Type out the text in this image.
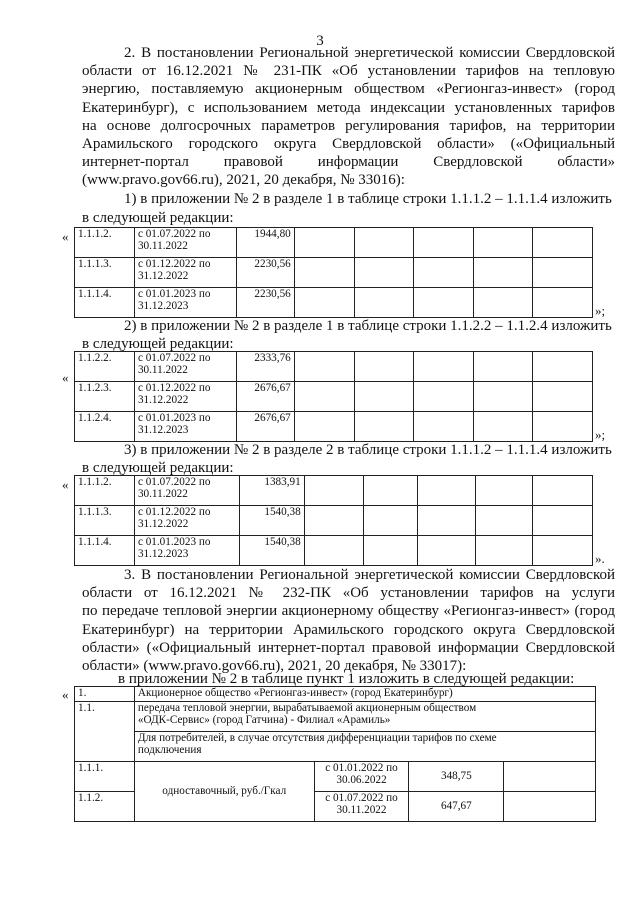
3
2. В постановлении Региональной энергетической комиссии Свердловской
области от 16.12.2021 № 231-ПК «Об установлении тарифов на тепловую
энергию, поставляемую акционерным обществом «Регионгаз-инвест» (город
Екатеринбург), с использованием метода индексации установленных тарифов
на основе долгосрочных параметров регулирования тарифов, на территории
Арамильского городского округа Свердловской области» («Официальный
интернет-портал правовой информации Свердловской области»
(www.pravo.gov66.ru), 2021, 20 декабря, № 33016):
1) в приложении № 2 в разделе 1 в таблице строки 1.1.1.2 – 1.1.1.4 изложить
в следующей редакции:
« 1.1.1.2.	с 01.07.2022 по
30.11.2022	1944,80					
1.1.1.3.	с 01.12.2022 по
31.12.2022	2230,56					
1.1.1.4.	с 01.01.2023 по
31.12.2023	2230,56					
»;
2) в приложении № 2 в разделе 1 в таблице строки 1.1.2.2 – 1.1.2.4 изложить
в следующей редакции:
«
1.1.2.2.	с 01.07.2022 по
30.11.2022	2333,76					
1.1.2.3.	с 01.12.2022 по
31.12.2022	2676,67					
1.1.2.4.	с 01.01.2023 по
31.12.2023	2676,67					
»;
3) в приложении № 2 в разделе 2 в таблице строки 1.1.1.2 – 1.1.1.4 изложить
в следующей редакции:
« 1.1.1.2.	с 01.07.2022 по
30.11.2022	1383,91					
1.1.1.3.	с 01.12.2022 по
31.12.2022	1540,38					
1.1.1.4.	с 01.01.2023 по
31.12.2023	1540,38					
».
3. В постановлении Региональной энергетической комиссии Свердловской
области от 16.12.2021 № 232-ПК «Об установлении тарифов на услуги
по передаче тепловой энергии акционерному обществу «Регионгаз-инвест» (город
Екатеринбург) на территории Арамильского городского округа Свердловской
области» («Официальный интернет-портал правовой информации Свердловской
области» (www.pravo.gov66.ru), 2021, 20 декабря, № 33017):
в приложении № 2 в таблице пункт 1 изложить в следующей редакции:
« 1.	Акционерное общество «Регионгаз-инвест» (город Екатеринбург)			
1.1.	передача тепловой энергии, вырабатываемой акционерным обществом
«ОДК-Сервис» (город Гатчина) - Филиал «Арамиль»			

	Для потребителей, в случае отсутствия дифференциации тарифов по схеме
подключения			

1.1.1.	одноставочный, руб./Гкал	с 01.01.2022 по
30.06.2022	348,75	
1.1.2.		с 01.07.2022 по
30.11.2022	647,67	
